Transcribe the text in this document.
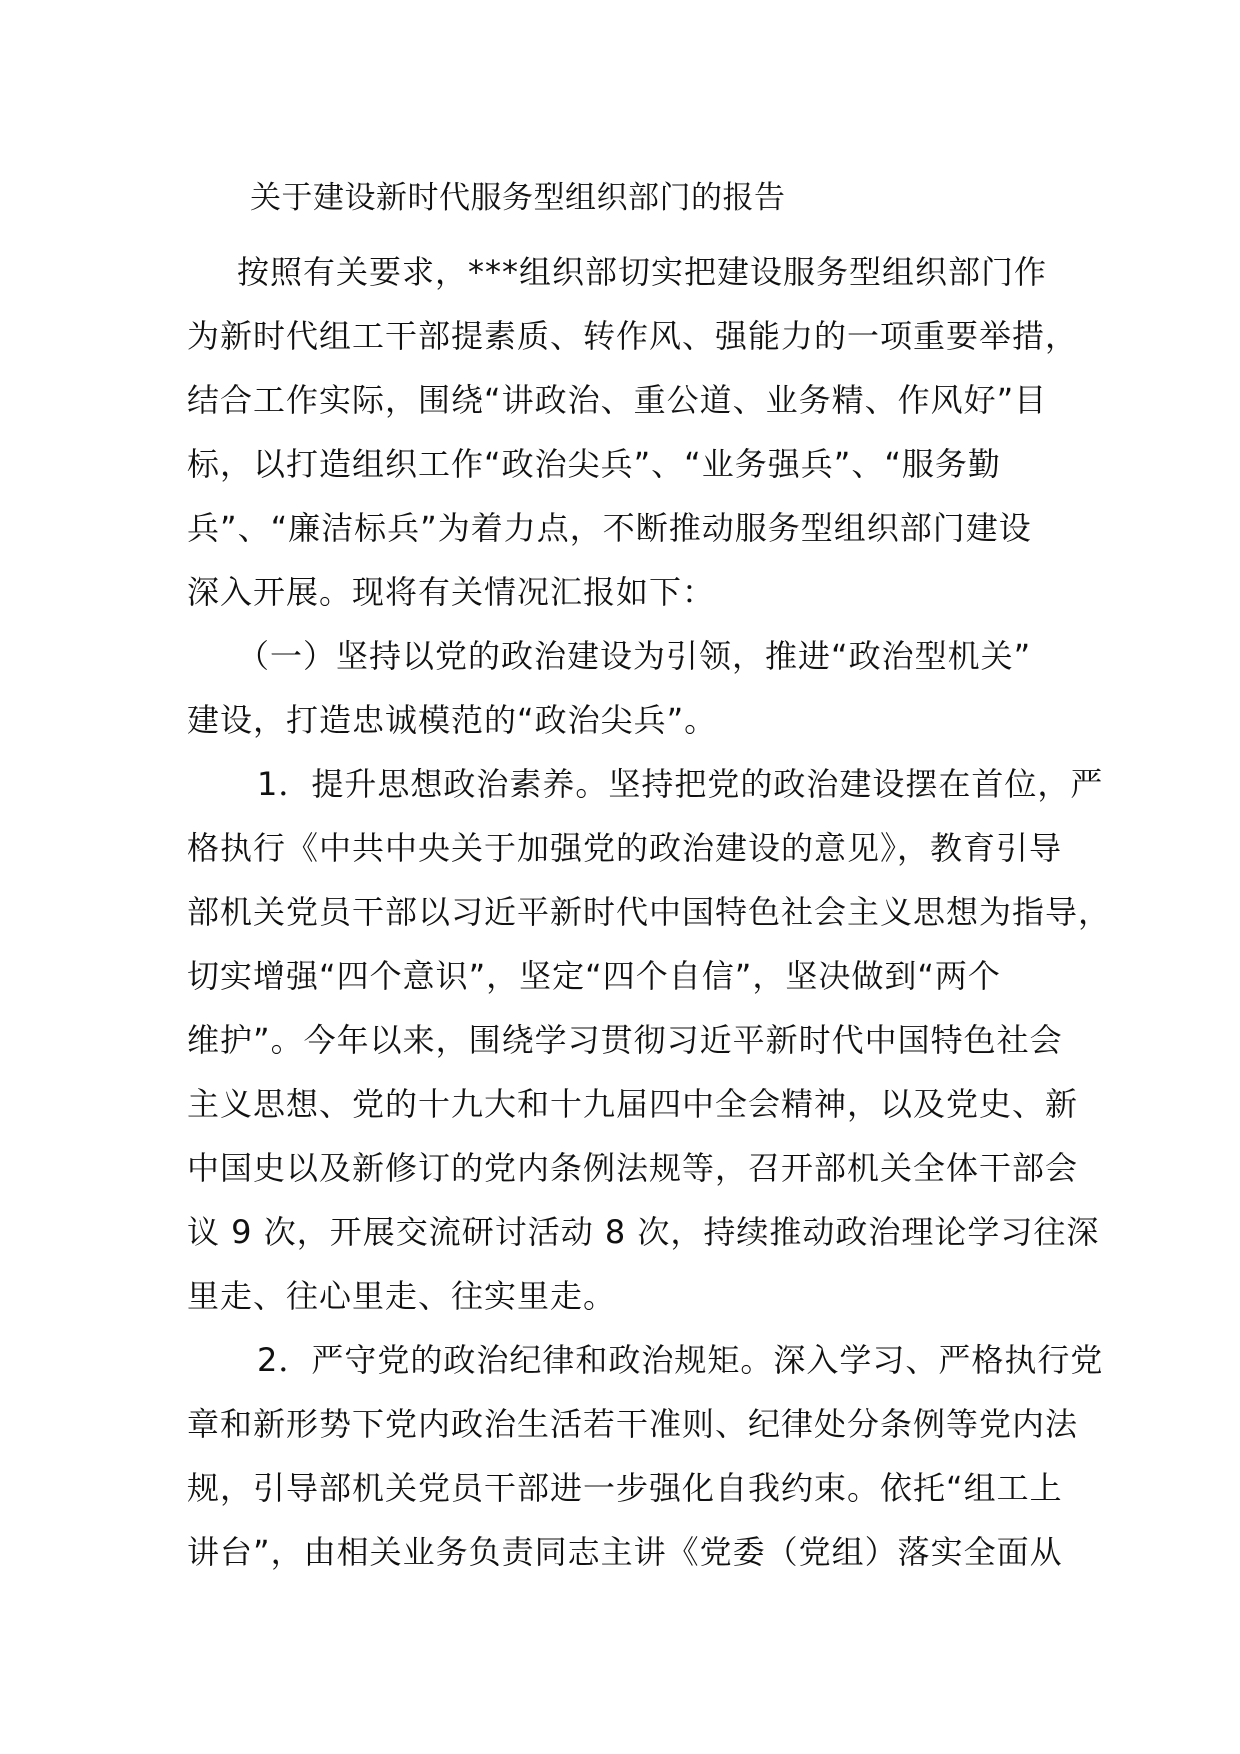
关于建设新时代服务型组织部门的报告
按照有关要求，***组织部切实把建设服务型组织部门作
为新时代组工干部提素质、转作风、强能力的一项重要举措，
结合工作实际，围绕“讲政治、重公道、业务精、作风好”目
标，以打造组织工作“政治尖兵”、“业务强兵”、“服务勤
兵”、“廉洁标兵”为着力点，不断推动服务型组织部门建设
深入开展。现将有关情况汇报如下：
（一）坚持以党的政治建设为引领，推进“政治型机关”
建设，打造忠诚模范的“政治尖兵”。
1．提升思想政治素养。坚持把党的政治建设摆在首位，严
格执行《中共中央关于加强党的政治建设的意见》，教育引导
部机关党员干部以习近平新时代中国特色社会主义思想为指导，
切实增强“四个意识”，坚定“四个自信”，坚决做到“两个
维护”。今年以来，围绕学习贯彻习近平新时代中国特色社会
主义思想、党的十九大和十九届四中全会精神，以及党史、新
中国史以及新修订的党内条例法规等，召开部机关全体干部会
议 9 次，开展交流研讨活动 8 次，持续推动政治理论学习往深
里走、往心里走、往实里走。
2．严守党的政治纪律和政治规矩。深入学习、严格执行党
章和新形势下党内政治生活若干准则、纪律处分条例等党内法
规，引导部机关党员干部进一步强化自我约束。依托“组工上
讲台”，由相关业务负责同志主讲《党委（党组）落实全面从
